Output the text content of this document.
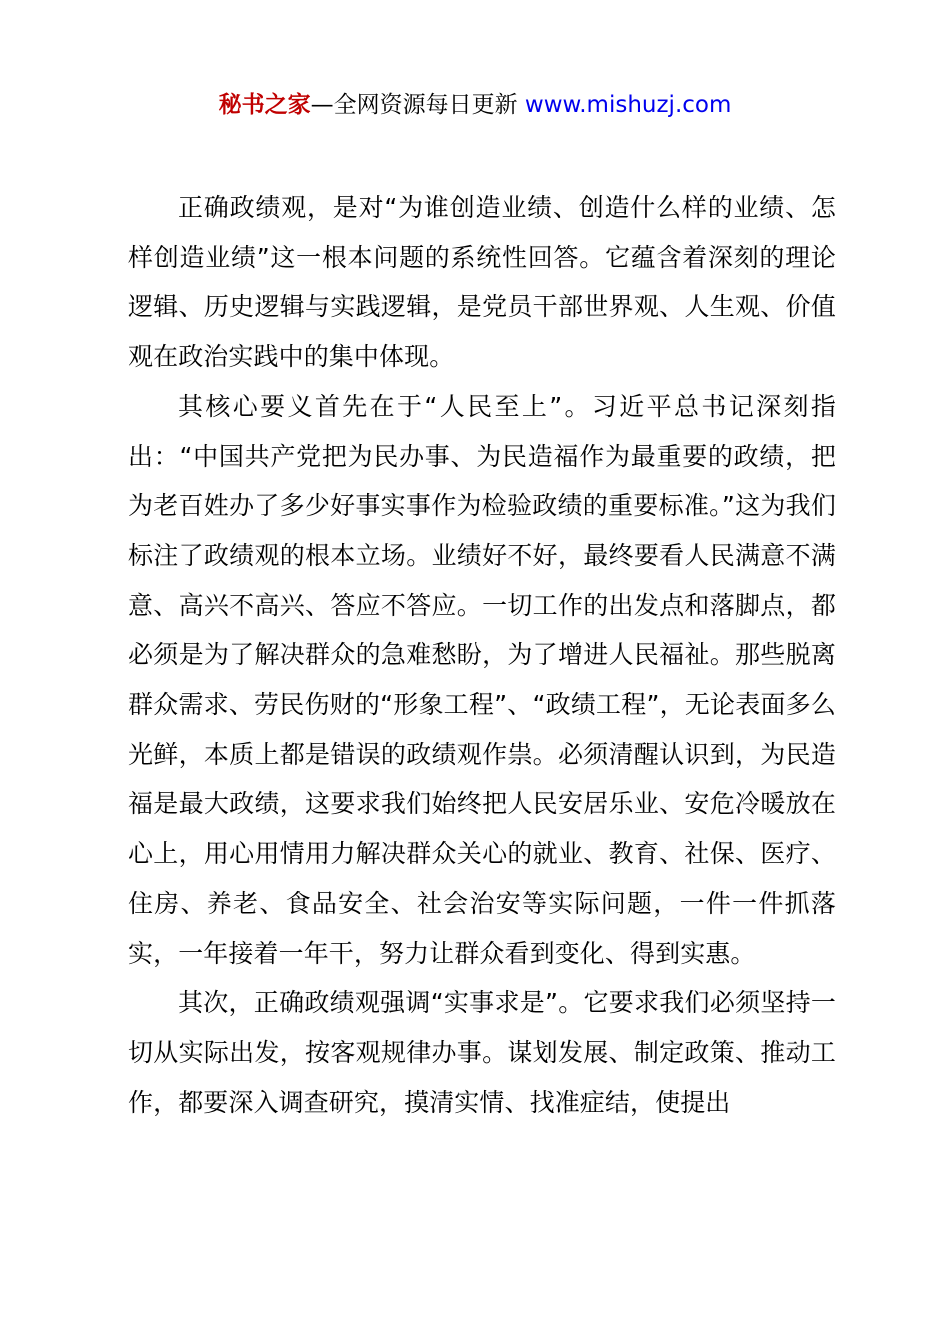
秘书之家—全网资源每日更新 www.mishuzj.com

正确政绩观，是对“为谁创造业绩、创造什么样的业绩、怎样创造业绩”这一根本问题的系统性回答。它蕴含着深刻的理论逻辑、历史逻辑与实践逻辑，是党员干部世界观、人生观、价值观在政治实践中的集中体现。

其核心要义首先在于“人民至上”。习近平总书记深刻指出：“中国共产党把为民办事、为民造福作为最重要的政绩，把为老百姓办了多少好事实事作为检验政绩的重要标准。”这为我们标注了政绩观的根本立场。业绩好不好，最终要看人民满意不满意、高兴不高兴、答应不答应。一切工作的出发点和落脚点，都必须是为了解决群众的急难愁盼，为了增进人民福祉。那些脱离群众需求、劳民伤财的“形象工程”、“政绩工程”，无论表面多么光鲜，本质上都是错误的政绩观作祟。必须清醒认识到，为民造福是最大政绩，这要求我们始终把人民安居乐业、安危冷暖放在心上，用心用情用力解决群众关心的就业、教育、社保、医疗、住房、养老、食品安全、社会治安等实际问题，一件一件抓落实，一年接着一年干，努力让群众看到变化、得到实惠。

其次，正确政绩观强调“实事求是”。它要求我们必须坚持一切从实际出发，按客观规律办事。谋划发展、制定政策、推动工作，都要深入调查研究，摸清实情、找准症结，使提出
